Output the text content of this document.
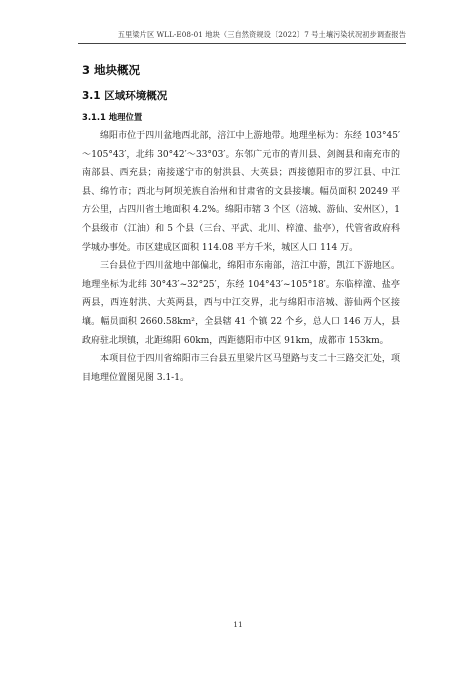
五里梁片区 WLL-E08-01 地块（三自然资规设〔2022〕7 号土壤污染状况初步调查报告
3 地块概况
3.1 区域环境概况
3.1.1 地理位置

绵阳市位于四川盆地西北部，涪江中上游地带。地理坐标为：东经 103°45′～105°43′，北纬 30°42′～33°03′。东邻广元市的青川县、剑阁县和南充市的南部县、西充县；南接遂宁市的射洪县、大英县；西接德阳市的罗江县、中江县、绵竹市；西北与阿坝羌族自治州和甘肃省的文县接壤。幅员面积 20249 平方公里，占四川省土地面积 4.2%。绵阳市辖 3 个区（涪城、游仙、安州区），1 个县级市（江油）和 5 个县（三台、平武、北川、梓潼、盐亭），代管省政府科学城办事处。市区建成区面积 114.08 平方千米，城区人口 114 万。

三台县位于四川盆地中部偏北，绵阳市东南部，涪江中游，凯江下游地区。地理坐标为北纬 30°43′~32°25′，东经 104°43′~105°18′。东临梓潼、盐亭两县，西连射洪、大英两县，西与中江交界，北与绵阳市涪城、游仙两个区接壤。幅员面积 2660.58km²，全县辖 41 个镇 22 个乡，总人口 146 万人，县政府驻北坝镇，北距绵阳 60km，西距德阳市中区 91km，成都市 153km。

本项目位于四川省绵阳市三台县五里梁片区马望路与支二十三路交汇处，项目地理位置图见图 3.1-1。

11
